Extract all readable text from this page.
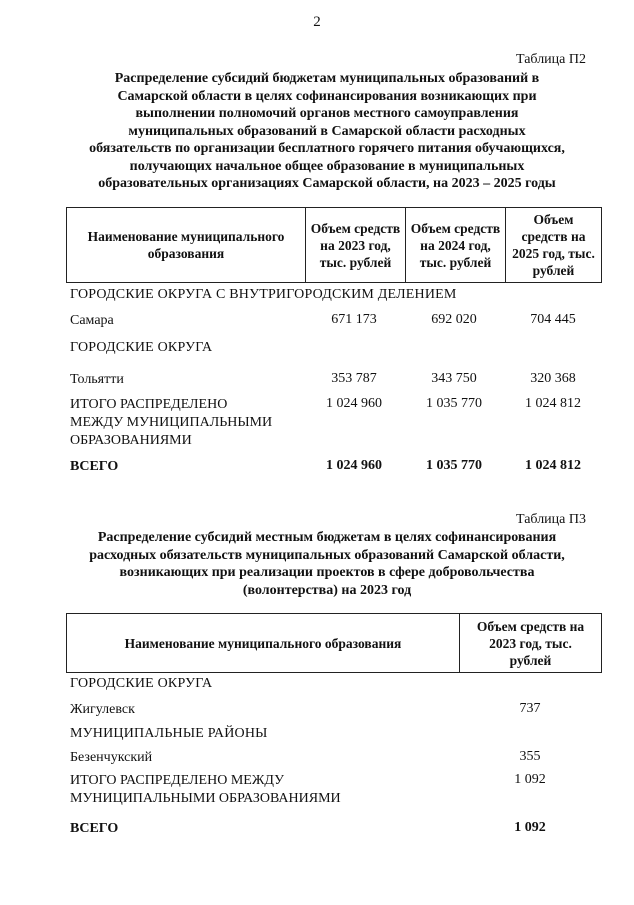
2
Таблица П2
Распределение субсидий бюджетам муниципальных образований в
Самарской области в целях софинансирования возникающих при
выполнении полномочий органов местного самоуправления
муниципальных образований в Самарской области расходных
обязательств по организации бесплатного горячего питания обучающихся,
получающих начальное общее образование в муниципальных
образовательных организациях Самарской области, на 2023 – 2025 годы
Наименование муниципального образования
Объем средств на 2023 год, тыс. рублей
Объем средств на 2024 год, тыс. рублей
Объем средств на 2025 год, тыс. рублей
ГОРОДСКИЕ ОКРУГА С ВНУТРИГОРОДСКИМ ДЕЛЕНИЕМ
Самара	671 173	692 020	704 445
ГОРОДСКИЕ ОКРУГА
Тольятти	353 787	343 750	320 368
ИТОГО РАСПРЕДЕЛЕНО
МЕЖДУ МУНИЦИПАЛЬНЫМИ
ОБРАЗОВАНИЯМИ
1 024 960	1 035 770	1 024 812
ВСЕГО	1 024 960	1 035 770	1 024 812
Таблица П3
Распределение субсидий местным бюджетам в целях софинансирования
расходных обязательств муниципальных образований Самарской области,
возникающих при реализации проектов в сфере добровольчества
(волонтерства) на 2023 год
Наименование муниципального образования
Объем средств на 2023 год, тыс. рублей
ГОРОДСКИЕ ОКРУГА
Жигулевск	737
МУНИЦИПАЛЬНЫЕ РАЙОНЫ
Безенчукский	355
ИТОГО РАСПРЕДЕЛЕНО МЕЖДУ
МУНИЦИПАЛЬНЫМИ ОБРАЗОВАНИЯМИ
1 092
ВСЕГО	1 092
